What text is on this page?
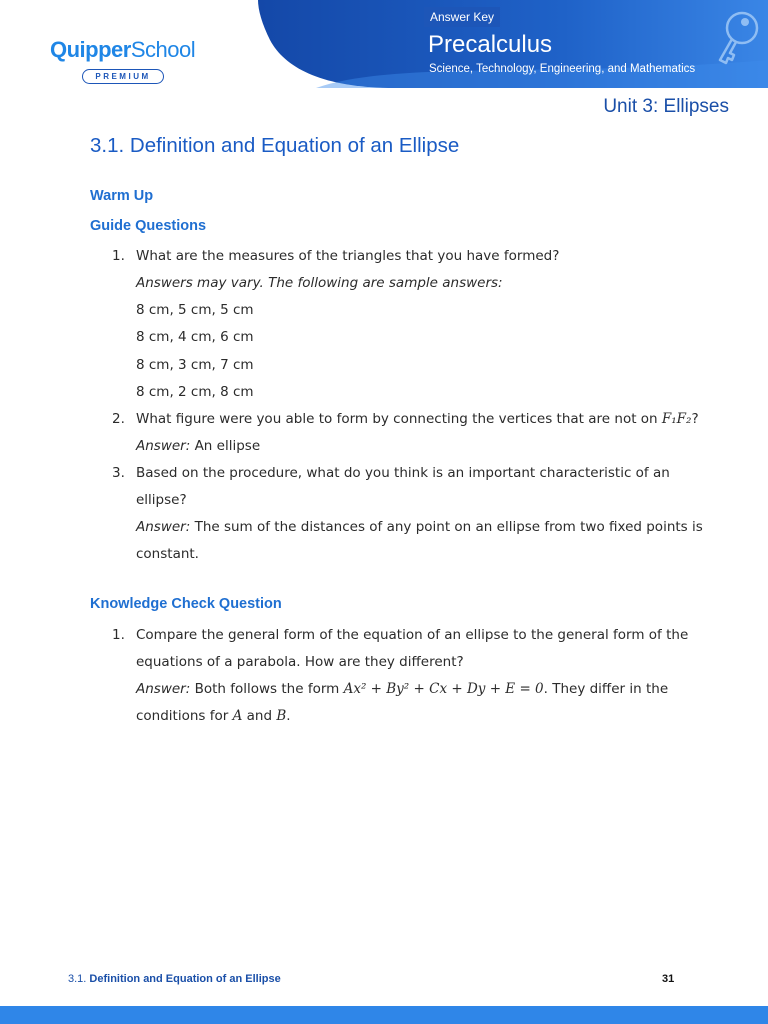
Answer Key
Precalculus
Science, Technology, Engineering, and Mathematics
QuipperSchool
PREMIUM
Unit 3: Ellipses
3.1. Definition and Equation of an Ellipse
Warm Up
Guide Questions
1. What are the measures of the triangles that you have formed?
Answers may vary. The following are sample answers:
8 cm, 5 cm, 5 cm
8 cm, 4 cm, 6 cm
8 cm, 3 cm, 7 cm
8 cm, 2 cm, 8 cm
2. What figure were you able to form by connecting the vertices that are not on F₁F₂?
Answer: An ellipse
3. Based on the procedure, what do you think is an important characteristic of an
ellipse?
Answer: The sum of the distances of any point on an ellipse from two fixed points is
constant.
Knowledge Check Question
1. Compare the general form of the equation of an ellipse to the general form of the
equations of a parabola. How are they different?
Answer: Both follows the form Ax² + By² + Cx + Dy + E = 0. They differ in the
conditions for A and B.
3.1. Definition and Equation of an Ellipse	31
